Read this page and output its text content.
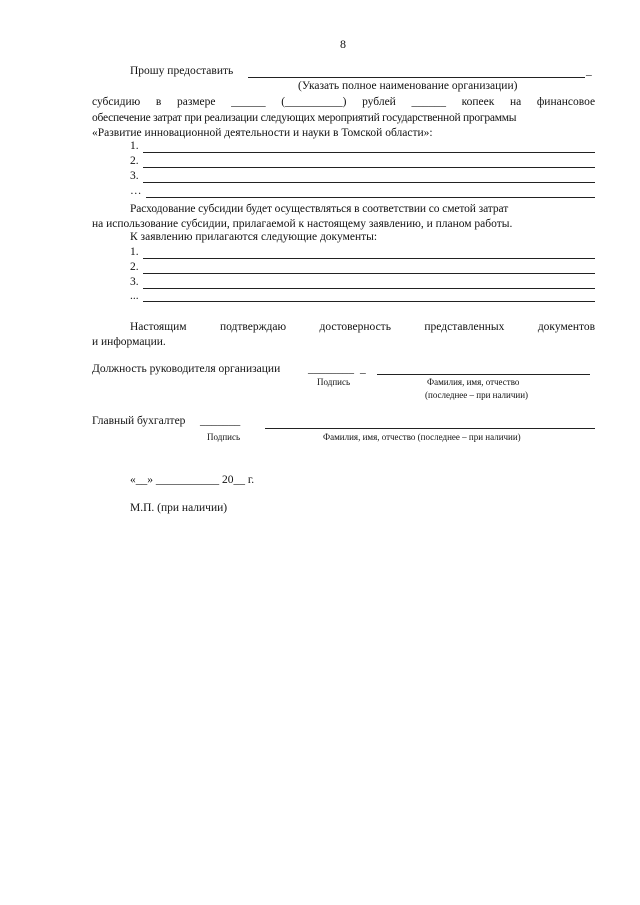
8
Прошу предоставить	_
(Указать полное наименование организации)
субсидию в размере ______ (__________) рублей ______ копеек на финансовое
обеспечение затрат при реализации следующих мероприятий государственной программы
«Развитие инновационной деятельности и науки в Томской области»:
1.
2.
3.
…
Расходование субсидии будет осуществляться в соответствии со сметой затрат
на использование субсидии, прилагаемой к настоящему заявлению, и планом работы.
К заявлению прилагаются следующие документы:
1.
2.
3.
...
Настоящим	подтверждаю	достоверность	представленных	документов
и информации.
Должность руководителя организации ________ _
Подпись	Фамилия, имя, отчество
(последнее – при наличии)
Главный бухгалтер _______
Подпись	Фамилия, имя, отчество (последнее – при наличии)
«__» ___________ 20__ г.
М.П. (при наличии)
